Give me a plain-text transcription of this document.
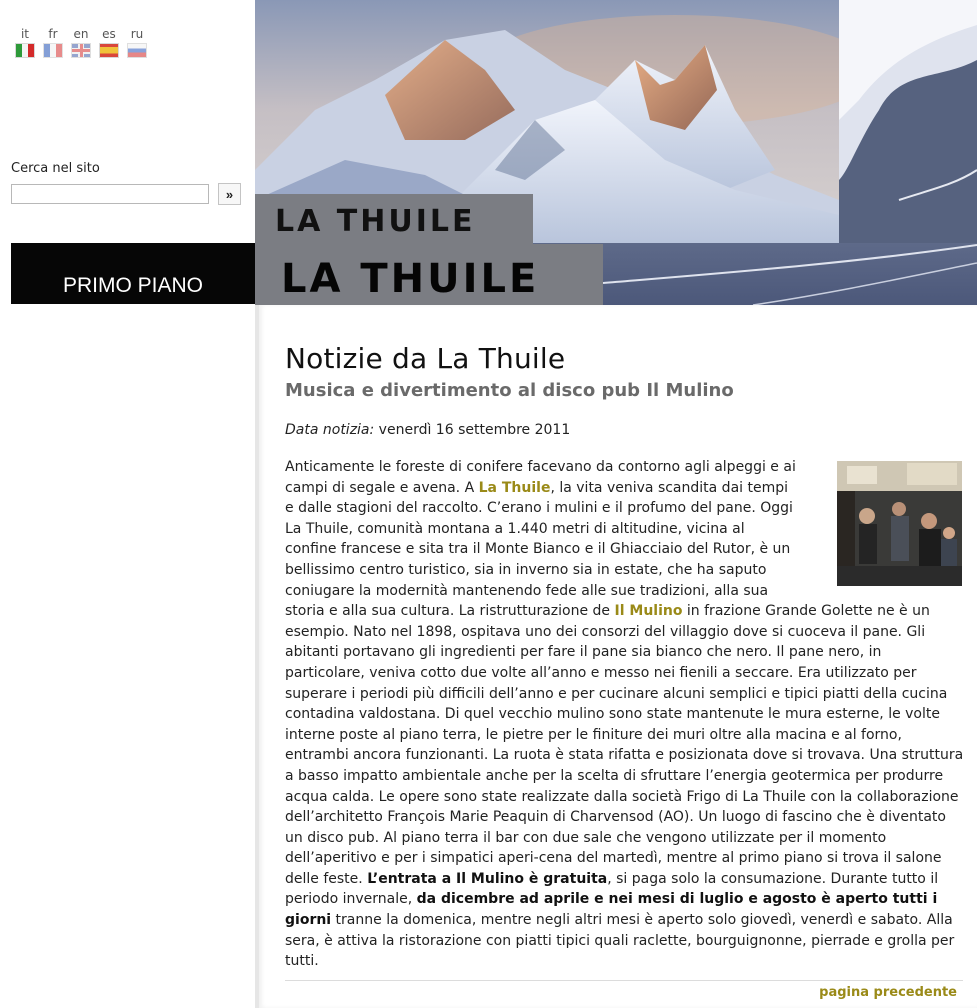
it fr en es ru
Cerca nel sito
»
PRIMO PIANO
LA THUILE
LA THUILE
Notizie da La Thuile
Musica e divertimento al disco pub Il Mulino
Data notizia: venerdì 16 settembre 2011
Anticamente le foreste di conifere facevano da contorno agli alpeggi e ai campi di segale e avena. A La Thuile, la vita veniva scandita dai tempi e dalle stagioni del raccolto. C’erano i mulini e il profumo del pane. Oggi La Thuile, comunità montana a 1.440 metri di altitudine, vicina al confine francese e sita tra il Monte Bianco e il Ghiacciaio del Rutor, è un bellissimo centro turistico, sia in inverno sia in estate, che ha saputo coniugare la modernità mantenendo fede alle sue tradizioni, alla sua storia e alla sua cultura. La ristrutturazione de Il Mulino in frazione Grande Golette ne è un esempio. Nato nel 1898, ospitava uno dei consorzi del villaggio dove si cuoceva il pane. Gli abitanti portavano gli ingredienti per fare il pane sia bianco che nero. Il pane nero, in particolare, veniva cotto due volte all’anno e messo nei fienili a seccare. Era utilizzato per superare i periodi più difficili dell’anno e per cucinare alcuni semplici e tipici piatti della cucina contadina valdostana. Di quel vecchio mulino sono state mantenute le mura esterne, le volte interne poste al piano terra, le pietre per le finiture dei muri oltre alla macina e al forno, entrambi ancora funzionanti. La ruota è stata rifatta e posizionata dove si trovava. Una struttura a basso impatto ambientale anche per la scelta di sfruttare l’energia geotermica per produrre acqua calda. Le opere sono state realizzate dalla società Frigo di La Thuile con la collaborazione dell’architetto François Marie Peaquin di Charvensod (AO). Un luogo di fascino che è diventato un disco pub. Al piano terra il bar con due sale che vengono utilizzate per il momento dell’aperitivo e per i simpatici aperi-cena del martedì, mentre al primo piano si trova il salone delle feste. L’entrata a Il Mulino è gratuita, si paga solo la consumazione. Durante tutto il periodo invernale, da dicembre ad aprile e nei mesi di luglio e agosto è aperto tutti i giorni tranne la domenica, mentre negli altri mesi è aperto solo giovedì, venerdì e sabato. Alla sera, è attiva la ristorazione con piatti tipici quali raclette, bourguignonne, pierrade e grolla per tutti.
pagina precedente
